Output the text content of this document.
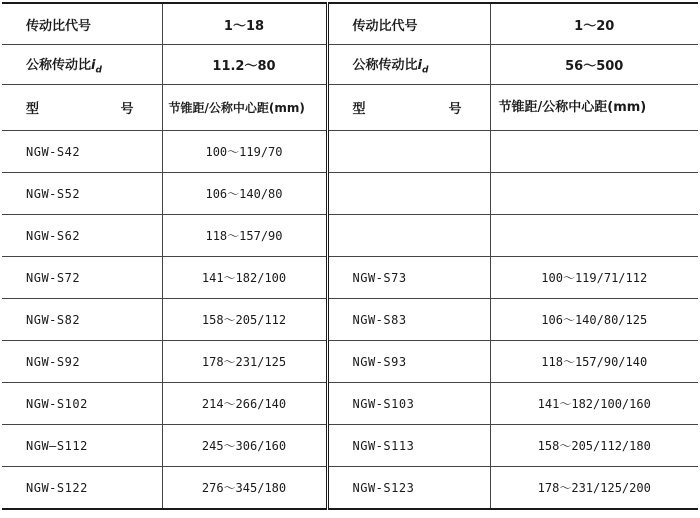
传动比代号	1～18	传动比代号	1～20
公称传动比$i_d$	11.2～80	公称传动比$i_d$	56～500

型 号	节锥距/公称中心距(mm)	型 号	节锥距/公称中心距(mm)
NGW-S42	100～119/70		
NGW-S52	106～140/80		
NGW-S62	118～157/90		
NGW-S72	141～182/100	NGW-S73	100～119/71/112
NGW-S82	158～205/112	NGW-S83	106～140/80/125
NGW-S92	178～231/125	NGW-S93	118～157/90/140
NGW-S102	214～266/140	NGW-S103	141～182/100/160
NGW—S112	245～306/160	NGW-S113	158～205/112/180
NGW-S122	276～345/180	NGW-S123	178～231/125/200
